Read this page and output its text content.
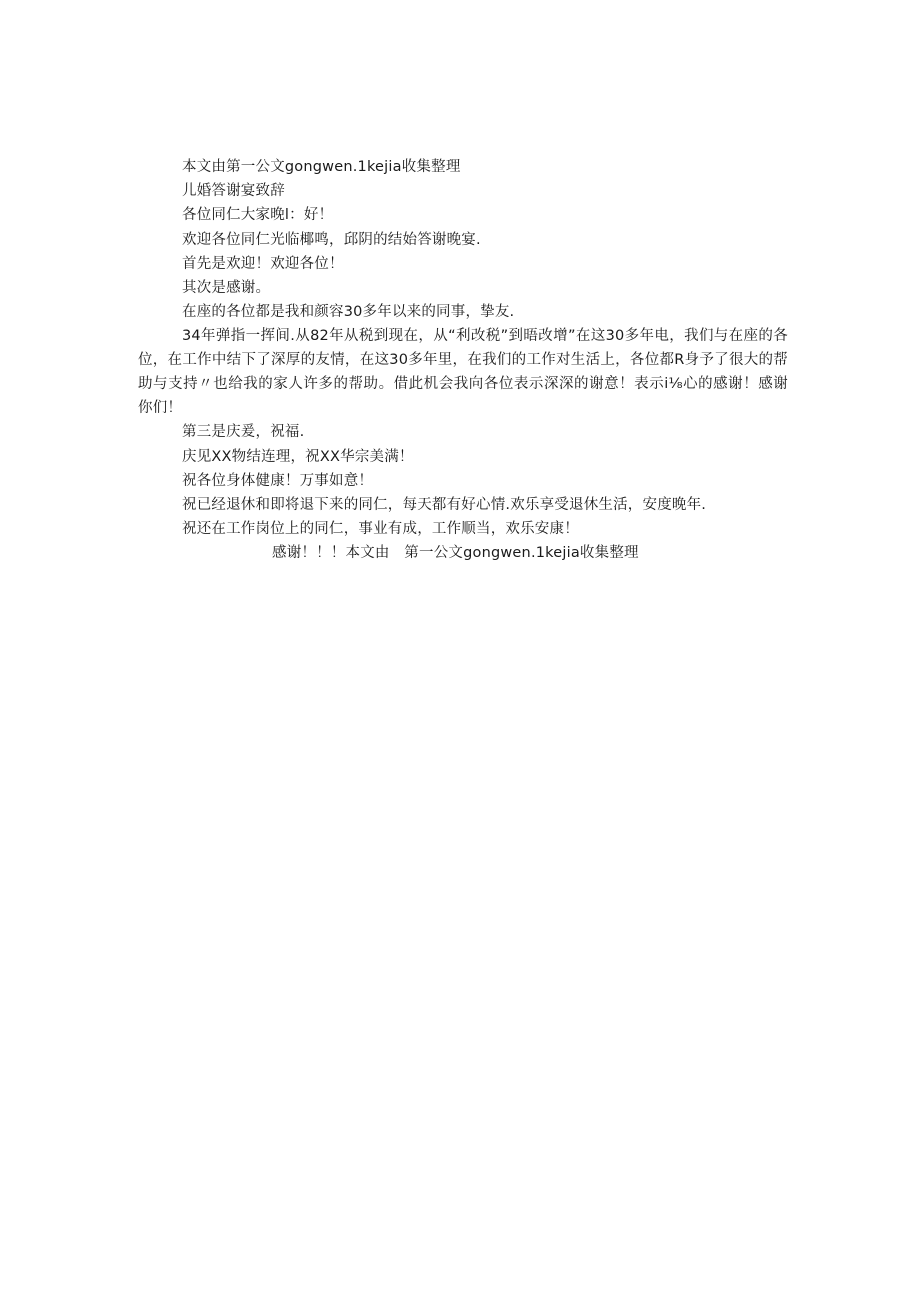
本文由第一公文gongwen.1kejia收集整理

儿婚答谢宴致辞

各位同仁大家晚l：好！

欢迎各位同仁光临椰鸣，邱阴的结始答谢晚宴.

首先是欢迎！欢迎各位！

其次是感谢。

在座的各位都是我和颜容30多年以来的同事，挚友.

34年弹指一挥间.从82年从税到现在，从“利改税”到晤改增”在这30多年电，我们与在座的各位，在工作中结下了深厚的友情，在这30多年里，在我们的工作对生活上，各位都R身予了很大的帮助与支持〃也给我的家人许多的帮助。借此机会我向各位表示深深的谢意！表示i⅛心的感谢！感谢你们！

第三是庆爰，祝福.

庆见XX物结连理，祝XX华宗美满！

祝各位身体健康！万事如意！

祝已经退休和即将退下来的同仁，每天都有好心情.欢乐享受退休生活，安度晚年.

祝还在工作岗位上的同仁，事业有成，工作顺当，欢乐安康！

感谢！！！本文由　第一公文gongwen.1kejia收集整理
